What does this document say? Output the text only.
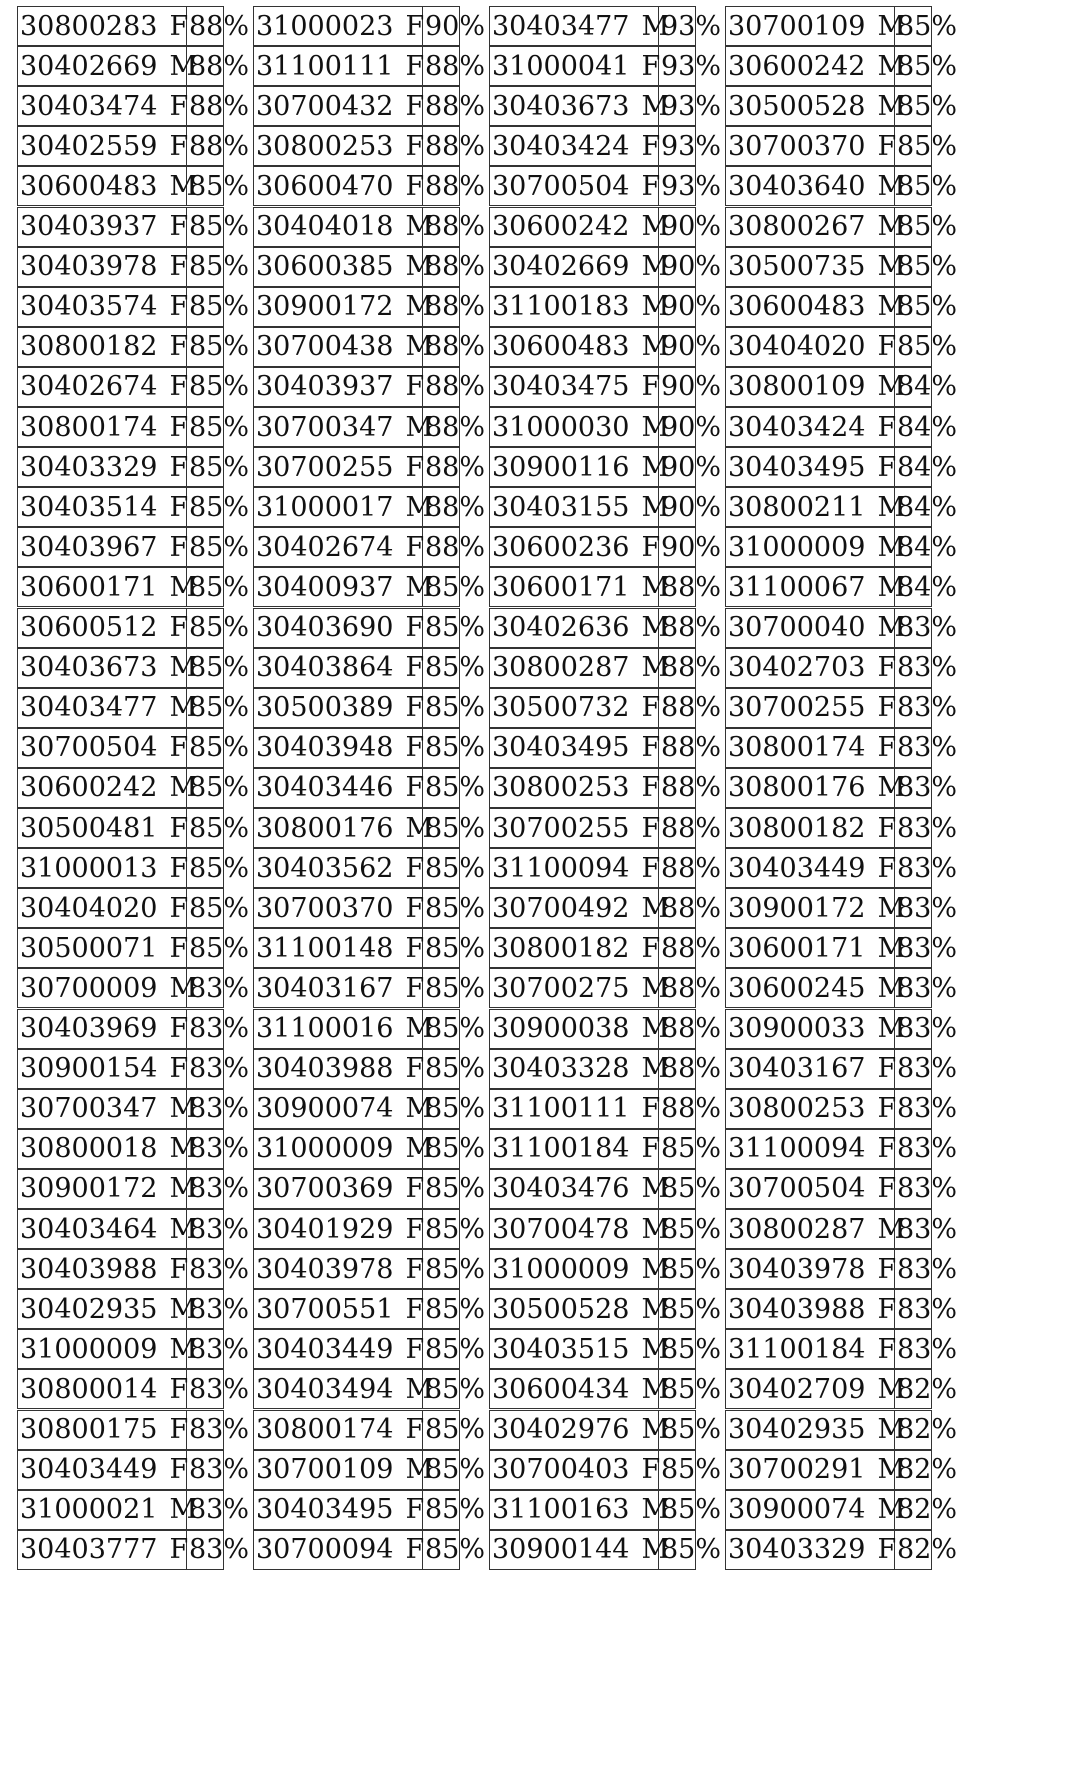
30800283 F 88%
30402669 M
88%
30403474 F 88%
30402559 F 88%
30600483 M
85%
30403937 F 85%
30403978 F 85%
30403574 F 85%
30800182 F 85%
30402674 F 85%
30800174 F 85%
30403329 F 85%
30403514 F 85%
30403967 F 85%
30600171 M
85%
30600512 F 85%
30403673 M
85%
30403477 M
85%
30700504 F 85%
30600242 M
85%
30500481 F 85%
31000013 F 85%
30404020 F 85%
30500071 F 85%
30700009 M
83%
30403969 F 83%
30900154 F 83%
30700347 M
83%
30800018 M
83%
30900172 M
83%
30403464 M
83%
30403988 F 83%
30402935 M
83%
31000009 M
83%
30800014 F 83%
30800175 F 83%
30403449 F 83%
31000021 M
83%
30403777 F 83%
31000023 F 90%
31100111 F 88%
30700432 F 88%
30800253 F 88%
30600470 F 88%
30404018 M
88%
30600385 M
88%
30900172 M
88%
30700438 M
88%
30403937 F 88%
30700347 M
88%
30700255 F 88%
31000017 M
88%
30402674 F 88%
30400937 M
85%
30403690 F 85%
30403864 F 85%
30500389 F 85%
30403948 F 85%
30403446 F 85%
30800176 M
85%
30403562 F 85%
30700370 F 85%
31100148 F 85%
30403167 F 85%
31100016 M
85%
30403988 F 85%
30900074 M
85%
31000009 M
85%
30700369 F 85%
30401929 F 85%
30403978 F 85%
30700551 F 85%
30403449 F 85%
30403494 M
85%
30800174 F 85%
30700109 M
85%
30403495 F 85%
30700094 F 85%
30403477 M
93%
31000041 F 93%
30403673 M
93%
30403424 F 93%
30700504 F 93%
30600242 M
90%
30402669 M
90%
31100183 M
90%
30600483 M
90%
30403475 F 90%
31000030 M
90%
30900116 M
90%
30403155 M
90%
30600236 F 90%
30600171 M
88%
30402636 M
88%
30800287 M
88%
30500732 F 88%
30403495 F 88%
30800253 F 88%
30700255 F 88%
31100094 F 88%
30700492 M
88%
30800182 F 88%
30700275 M
88%
30900038 M
88%
30403328 M
88%
31100111 F 88%
31100184 F 85%
30403476 M
85%
30700478 M
85%
31000009 M
85%
30500528 M
85%
30403515 M
85%
30600434 M
85%
30402976 M
85%
30700403 F 85%
31100163 M
85%
30900144 M
85%
30700109 M
85%
30600242 M
85%
30500528 M
85%
30700370 F 85%
30403640 M
85%
30800267 M
85%
30500735 M
85%
30600483 M
85%
30404020 F 85%
30800109 M
84%
30403424 F 84%
30403495 F 84%
30800211 M
84%
31000009 M
84%
31100067 M
84%
30700040 M
83%
30402703 F 83%
30700255 F 83%
30800174 F 83%
30800176 M
83%
30800182 F 83%
30403449 F 83%
30900172 M
83%
30600171 M
83%
30600245 M
83%
30900033 M
83%
30403167 F 83%
30800253 F 83%
31100094 F 83%
30700504 F 83%
30800287 M
83%
30403978 F 83%
30403988 F 83%
31100184 F 83%
30402709 M
82%
30402935 M
82%
30700291 M
82%
30900074 M
82%
30403329 F 82%
